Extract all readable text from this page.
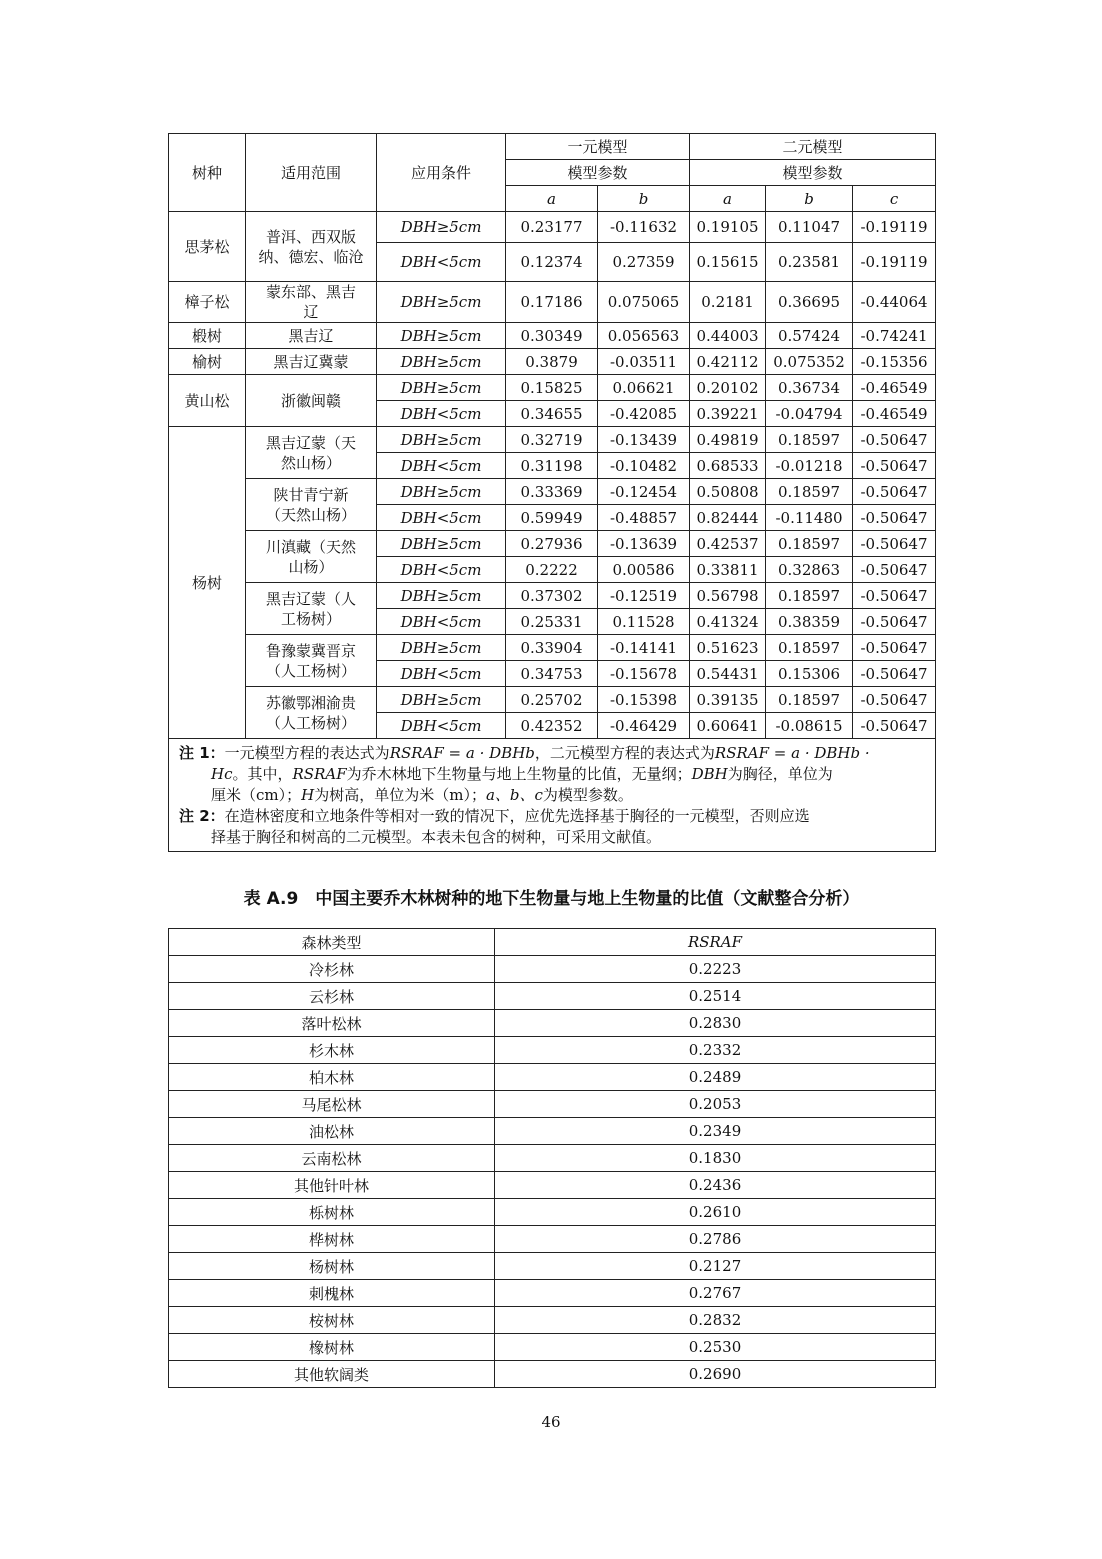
树种	适用范围	应用条件	一元模型		二元模型		
			模型参数		模型参数		
			a	b	a	b	c
思茅松	普洱、西双版纳、德宏、临沧	DBH≥5cm	0.23177	-0.11632	0.19105	0.11047	-0.19119
		DBH<5cm	0.12374	0.27359	0.15615	0.23581	-0.19119
樟子松	蒙东部、黑吉辽	DBH≥5cm	0.17186	0.075065	0.2181	0.36695	-0.44064
椴树	黑吉辽	DBH≥5cm	0.30349	0.056563	0.44003	0.57424	-0.74241
榆树	黑吉辽冀蒙	DBH≥5cm	0.3879	-0.03511	0.42112	0.075352	-0.15356
黄山松	浙徽闽赣	DBH≥5cm	0.15825	0.06621	0.20102	0.36734	-0.46549
		DBH<5cm	0.34655	-0.42085	0.39221	-0.04794	-0.46549
杨树	黑吉辽蒙（天然山杨）	DBH≥5cm	0.32719	-0.13439	0.49819	0.18597	-0.50647
		DBH<5cm	0.31198	-0.10482	0.68533	-0.01218	-0.50647
	陕甘青宁新（天然山杨）	DBH≥5cm	0.33369	-0.12454	0.50808	0.18597	-0.50647
		DBH<5cm	0.59949	-0.48857	0.82444	-0.11480	-0.50647
	川滇藏（天然山杨）	DBH≥5cm	0.27936	-0.13639	0.42537	0.18597	-0.50647
		DBH<5cm	0.2222	0.00586	0.33811	0.32863	-0.50647
	黑吉辽蒙（人工杨树）	DBH≥5cm	0.37302	-0.12519	0.56798	0.18597	-0.50647
		DBH<5cm	0.25331	0.11528	0.41324	0.38359	-0.50647
	鲁豫蒙冀晋京（人工杨树）	DBH≥5cm	0.33904	-0.14141	0.51623	0.18597	-0.50647
		DBH<5cm	0.34753	-0.15678	0.54431	0.15306	-0.50647
	苏徽鄂湘渝贵（人工杨树）	DBH≥5cm	0.25702	-0.15398	0.39135	0.18597	-0.50647
		DBH<5cm	0.42352	-0.46429	0.60641	-0.08615	-0.50647

注 1：一元模型方程的表达式为RSRAF = a · DBHb，二元模型方程的表达式为RSRAF = a · DBHb ·
Hc。其中，RSRAF为乔木林地下生物量与地上生物量的比值，无量纲；DBH为胸径，单位为
厘米（cm）；H为树高，单位为米（m）；a、b、c为模型参数。
注 2：在造林密度和立地条件等相对一致的情况下，应优先选择基于胸径的一元模型，否则应选
择基于胸径和树高的二元模型。本表未包含的树种，可采用文献值。							
表 A.9　中国主要乔木林树种的地下生物量与地上生物量的比值（文献整合分析）
森林类型	RSRAF
冷杉林	0.2223
云杉林	0.2514
落叶松林	0.2830
杉木林	0.2332
柏木林	0.2489
马尾松林	0.2053
油松林	0.2349
云南松林	0.1830
其他针叶林	0.2436
栎树林	0.2610
桦树林	0.2786
杨树林	0.2127
刺槐林	0.2767
桉树林	0.2832
橡树林	0.2530
其他软阔类	0.2690
46
